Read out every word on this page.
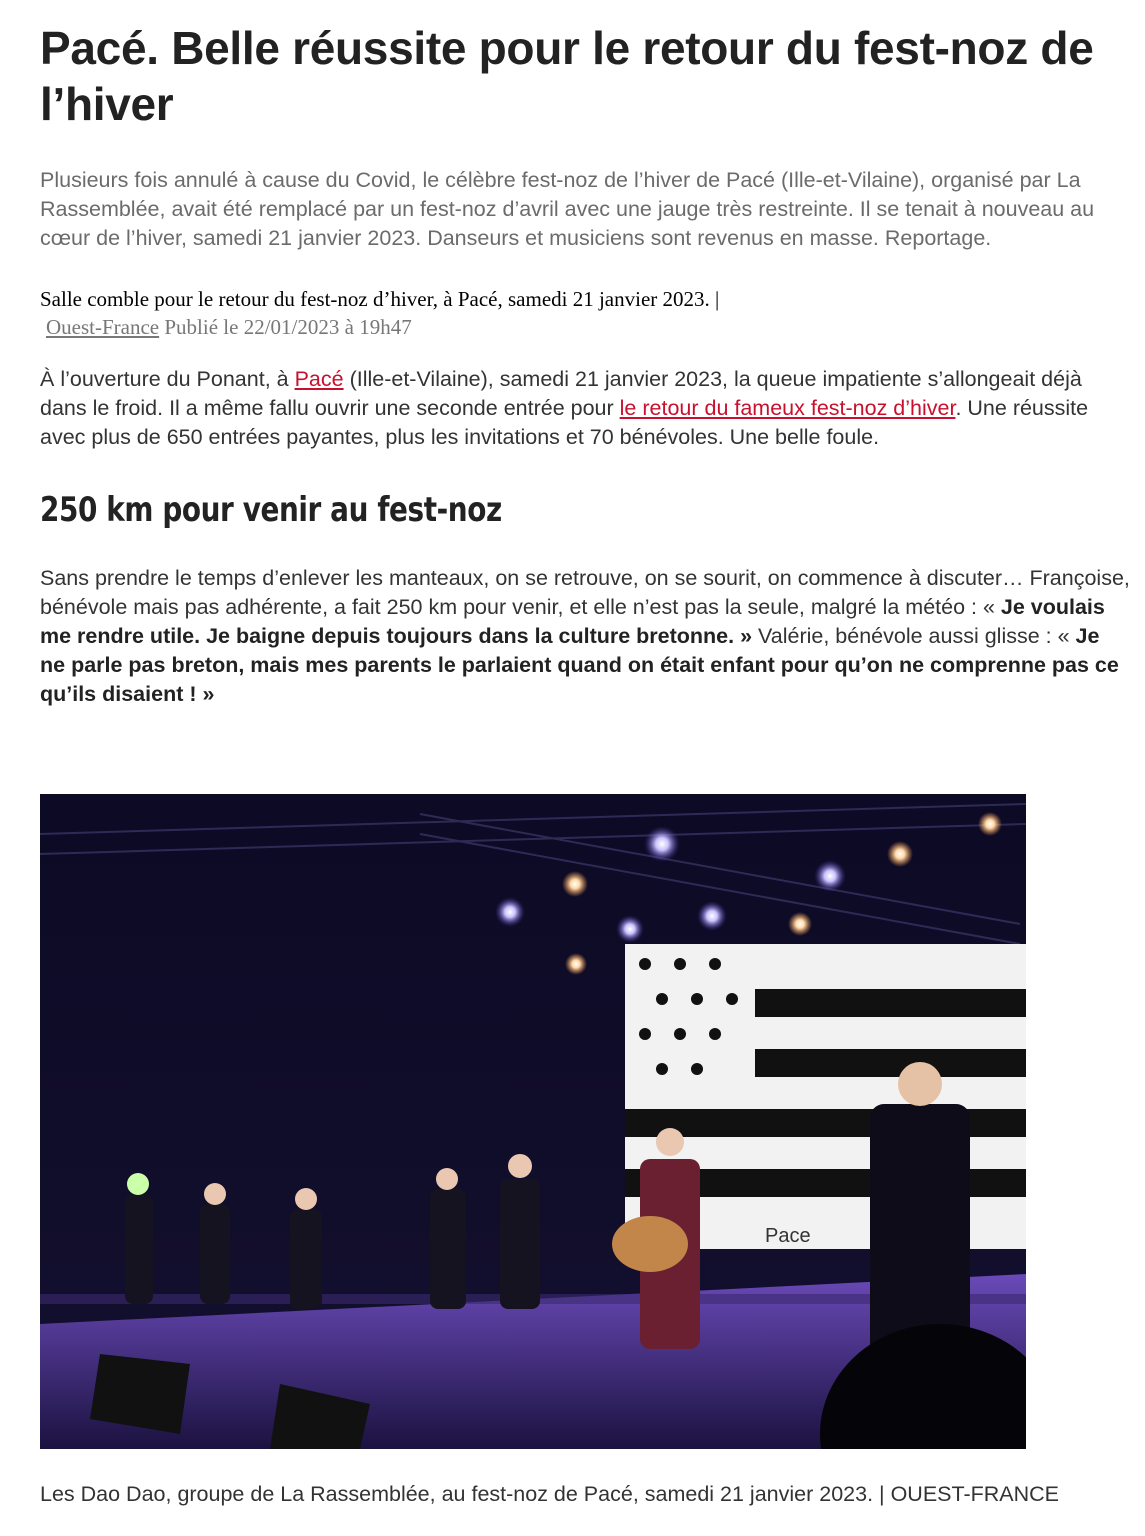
Pacé. Belle réussite pour le retour du fest-noz de l’hiver

Plusieurs fois annulé à cause du Covid, le célèbre fest-noz de l’hiver de Pacé (Ille-et-Vilaine), organisé par La Rassemblée, avait été remplacé par un fest-noz d’avril avec une jauge très restreinte. Il se tenait à nouveau au cœur de l’hiver, samedi 21 janvier 2023. Danseurs et musiciens sont revenus en masse. Reportage.

Salle comble pour le retour du fest-noz d’hiver, à Pacé, samedi 21 janvier 2023. |
Ouest-France Publié le 22/01/2023 à 19h47

À l’ouverture du Ponant, à Pacé (Ille-et-Vilaine), samedi 21 janvier 2023, la queue impatiente s’allongeait déjà dans le froid. Il a même fallu ouvrir une seconde entrée pour le retour du fameux fest-noz d’hiver. Une réussite avec plus de 650 entrées payantes, plus les invitations et 70 bénévoles. Une belle foule.

250 km pour venir au fest-noz

Sans prendre le temps d’enlever les manteaux, on se retrouve, on se sourit, on commence à discuter… Françoise, bénévole mais pas adhérente, a fait 250 km pour venir, et elle n’est pas la seule, malgré la météo : « Je voulais me rendre utile. Je baigne depuis toujours dans la culture bretonne. » Valérie, bénévole aussi glisse : « Je ne parle pas breton, mais mes parents le parlaient quand on était enfant pour qu’on ne comprenne pas ce qu’ils disaient ! »

Pace
Les Dao Dao, groupe de La Rassemblée, au fest-noz de Pacé, samedi 21 janvier 2023. | OUEST-FRANCE
